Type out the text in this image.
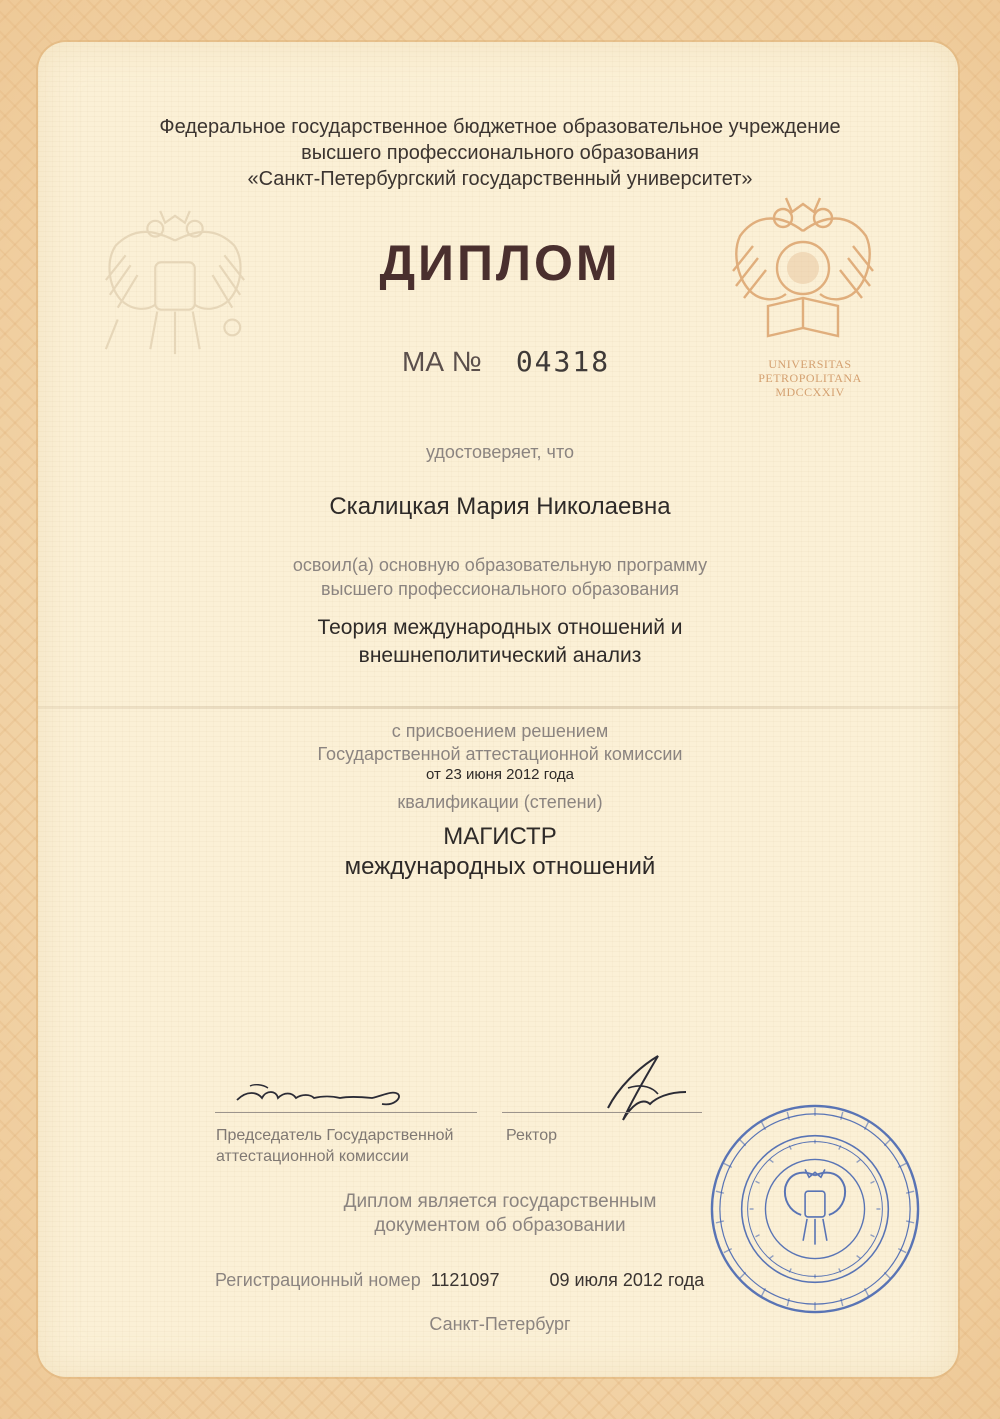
UNIVERSITAS
PETROPOLITANA
MDCCXXIV
Федеральное государственное бюджетное образовательное учреждение
высшего профессионального образования
«Санкт-Петербургский государственный университет»
ДИПЛОМ
МА № 04318
удостоверяет, что
Скалицкая Мария Николаевна
освоил(а) основную образовательную программу
высшего профессионального образования
Теория международных отношений и
внешнеполитический анализ
с присвоением решением
Государственной аттестационной комиссии
от 23 июня 2012 года
квалификации (степени)
МАГИСТР
международных отношений
Председатель Государственной
аттестационной комиссии
Ректор
Диплом является государственным
документом об образовании
Регистрационный номер 1121097	09 июля 2012 года
Санкт-Петербург
